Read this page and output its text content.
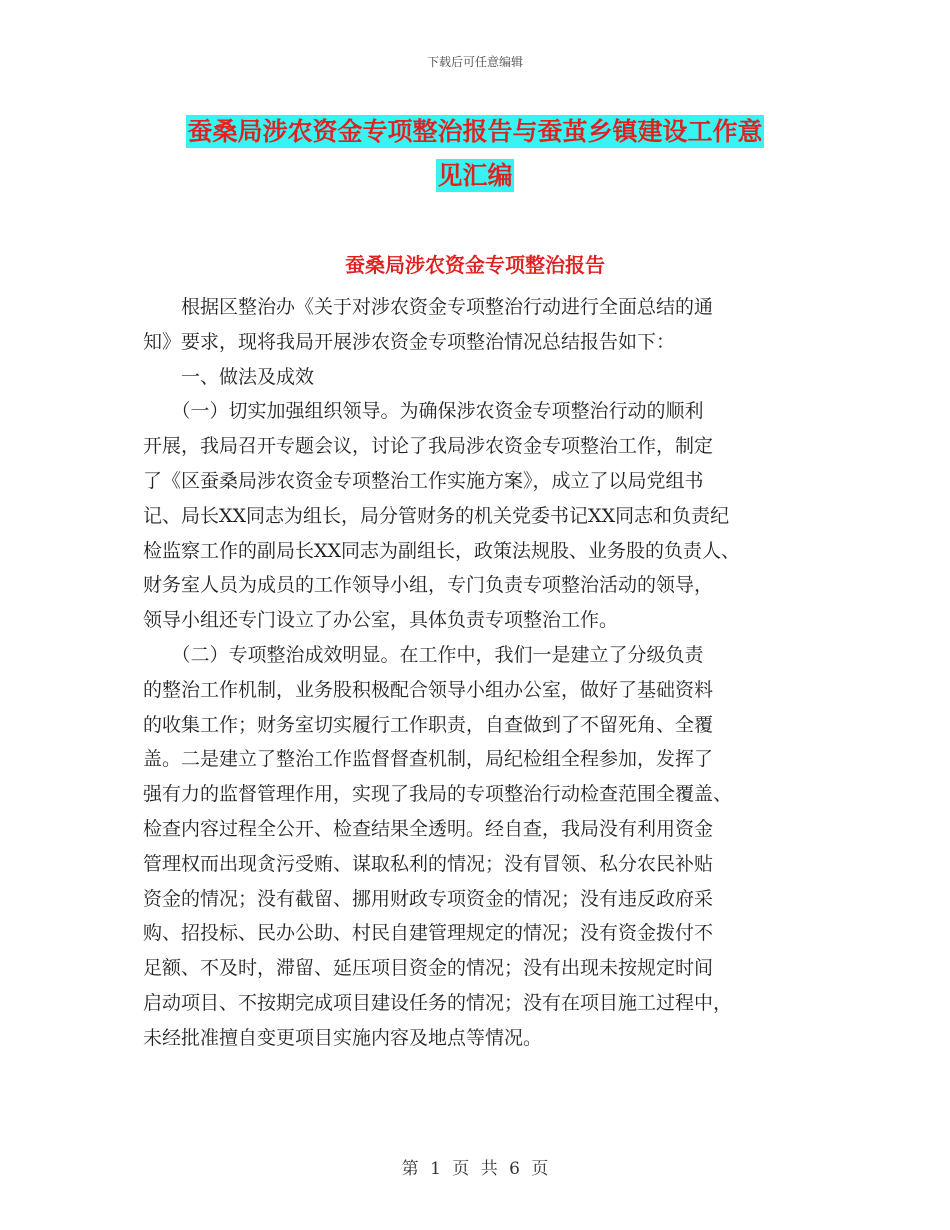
下载后可任意编辑
蚕桑局涉农资金专项整治报告与蚕茧乡镇建设工作意
见汇编
蚕桑局涉农资金专项整治报告
　　根据区整治办《关于对涉农资金专项整治行动进行全面总结的通
知》要求，现将我局开展涉农资金专项整治情况总结报告如下：
　　一、做法及成效
　　（一）切实加强组织领导。为确保涉农资金专项整治行动的顺利
开展，我局召开专题会议，讨论了我局涉农资金专项整治工作，制定
了《区蚕桑局涉农资金专项整治工作实施方案》，成立了以局党组书
记、局长XX同志为组长，局分管财务的机关党委书记XX同志和负责纪
检监察工作的副局长XX同志为副组长，政策法规股、业务股的负责人、
财务室人员为成员的工作领导小组，专门负责专项整治活动的领导，
领导小组还专门设立了办公室，具体负责专项整治工作。
　　（二）专项整治成效明显。在工作中，我们一是建立了分级负责
的整治工作机制，业务股积极配合领导小组办公室，做好了基础资料
的收集工作；财务室切实履行工作职责，自查做到了不留死角、全覆
盖。二是建立了整治工作监督督查机制，局纪检组全程参加，发挥了
强有力的监督管理作用，实现了我局的专项整治行动检查范围全覆盖、
检查内容过程全公开、检查结果全透明。经自查，我局没有利用资金
管理权而出现贪污受贿、谋取私利的情况；没有冒领、私分农民补贴
资金的情况；没有截留、挪用财政专项资金的情况；没有违反政府采
购、招投标、民办公助、村民自建管理规定的情况；没有资金拨付不
足额、不及时，滞留、延压项目资金的情况；没有出现未按规定时间
启动项目、不按期完成项目建设任务的情况；没有在项目施工过程中，
未经批准擅自变更项目实施内容及地点等情况。
第 1 页 共 6 页
